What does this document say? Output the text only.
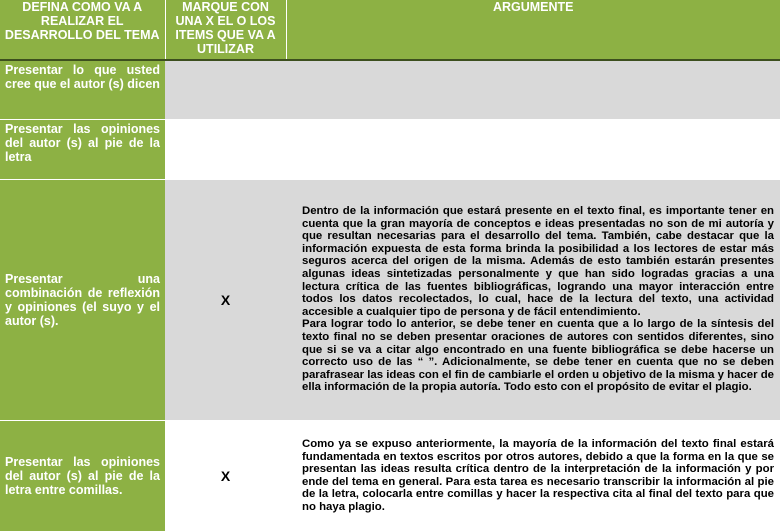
DEFINA COMO VA A REALIZAR EL DESARROLLO DEL TEMA	MARQUE CON UNA X EL O LOS ITEMS QUE VA A UTILIZAR	ARGUMENTE
Presentar lo que usted cree que el autor (s) dicen		
Presentar las opiniones del autor (s) al pie de la letra		
Presentar una combinación de reflexión y opiniones (el suyo y el autor (s).	X	Dentro de la información que estará presente en el texto final, es importante tener en cuenta que la gran mayoría de conceptos e ideas presentadas no son de mi autoría y que resultan necesarias para el desarrollo del tema. También, cabe destacar que la información expuesta de esta forma brinda la posibilidad a los lectores de estar más seguros acerca del origen de la misma. Además de esto también estarán presentes algunas ideas sintetizadas personalmente y que han sido logradas gracias a una lectura crítica de las fuentes bibliográficas, logrando una mayor interacción entre todos los datos recolectados, lo cual, hace de la lectura del texto, una actividad accesible a cualquier tipo de persona y de fácil entendimiento.
Para lograr todo lo anterior, se debe tener en cuenta que a lo largo de la síntesis del texto final no se deben presentar oraciones de autores con sentidos diferentes, sino que si se va a citar algo encontrado en una fuente bibliográfica se debe hacerse un correcto uso de las “ ”. Adicionalmente, se debe tener en cuenta que no se deben parafrasear las ideas con el fin de cambiarle el orden u objetivo de la misma y hacer de ella información de la propia autoría. Todo esto con el propósito de evitar el plagio.

Presentar las opiniones del autor (s) al pie de la letra entre comillas.	X	Como ya se expuso anteriormente, la mayoría de la información del texto final estará fundamentada en textos escritos por otros autores, debido a que la forma en la que se presentan las ideas resulta crítica dentro de la interpretación de la información y por ende del tema en general. Para esta tarea es necesario transcribir la información al pie de la letra, colocarla entre comillas y hacer la respectiva cita al final del texto para que no haya plagio.
